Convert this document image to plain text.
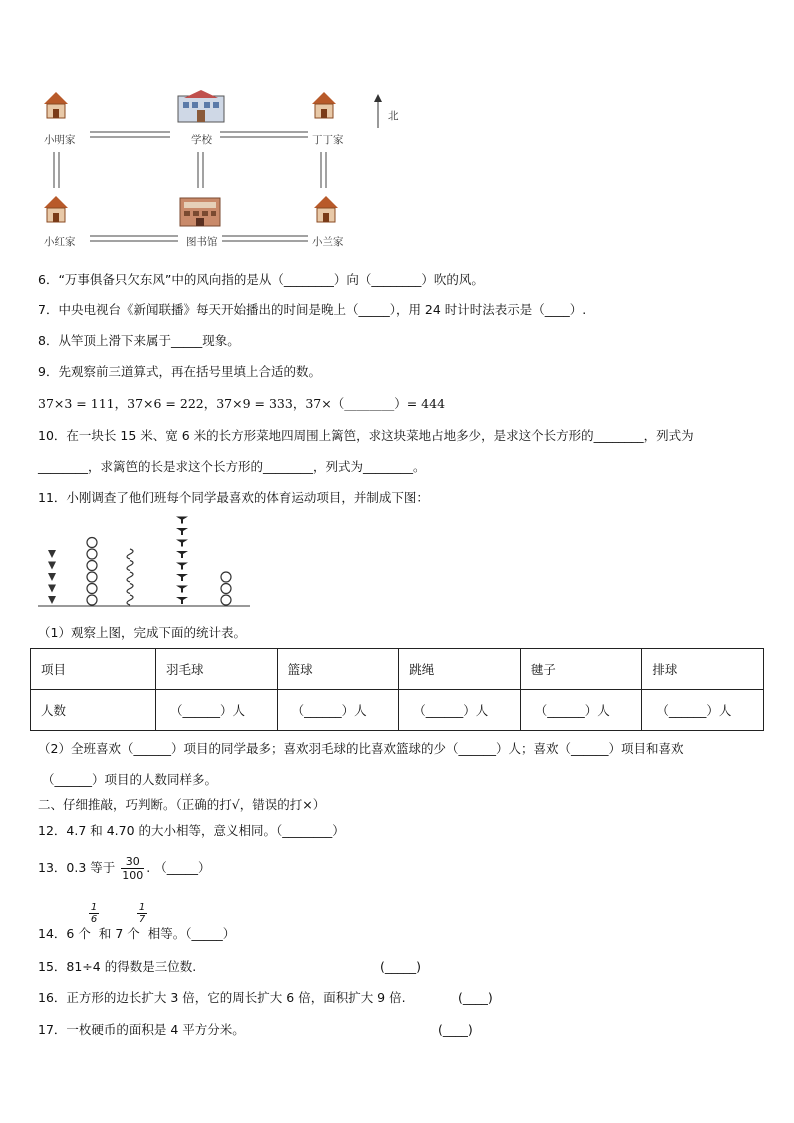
小明家	学校	丁丁家
小红家	图书馆	小兰家
北
6．“万事俱备只欠东风”中的风向指的是从（________）向（________）吹的风。
7．中央电视台《新闻联播》每天开始播出的时间是晚上（_____），用 24 时计时法表示是（____）.
8．从竿顶上滑下来属于_____现象。
9．先观察前三道算式，再在括号里填上合适的数。
37×3 = 111，37×6 = 222，37×9 = 333，37×（________）= 444
10．在一块长 15 米、宽 6 米的长方形菜地四周围上篱笆，求这块菜地占地多少，是求这个长方形的________，列式为
________，求篱笆的长是求这个长方形的________，列式为________。
11．小刚调查了他们班每个同学最喜欢的体育运动项目，并制成下图：
（1）观察上图，完成下面的统计表。
项目	羽毛球	篮球	跳绳	毽子	排球
人数	（______）人	（______）人	（______）人	（______）人	（______）人
（2）全班喜欢（______）项目的同学最多；喜欢羽毛球的比喜欢篮球的少（______）人；喜欢（______）项目和喜欢
（______）项目的人数同样多。
二、仔细推敲，巧判断。（正确的打√，错误的打×）
12．4.7 和 4.70 的大小相等，意义相同。（________）
13．0.3 等于 $\frac{30}{100}$ . （_____）
$\frac{1}{6}$	$\frac{1}{7}$
14．6 个 和 7 个 相等。（_____）
15．81÷4 的得数是三位数.	(_____)
16．正方形的边长扩大 3 倍，它的周长扩大 6 倍，面积扩大 9 倍.	(____)
17．一枚硬币的面积是 4 平方分米。	(____)
